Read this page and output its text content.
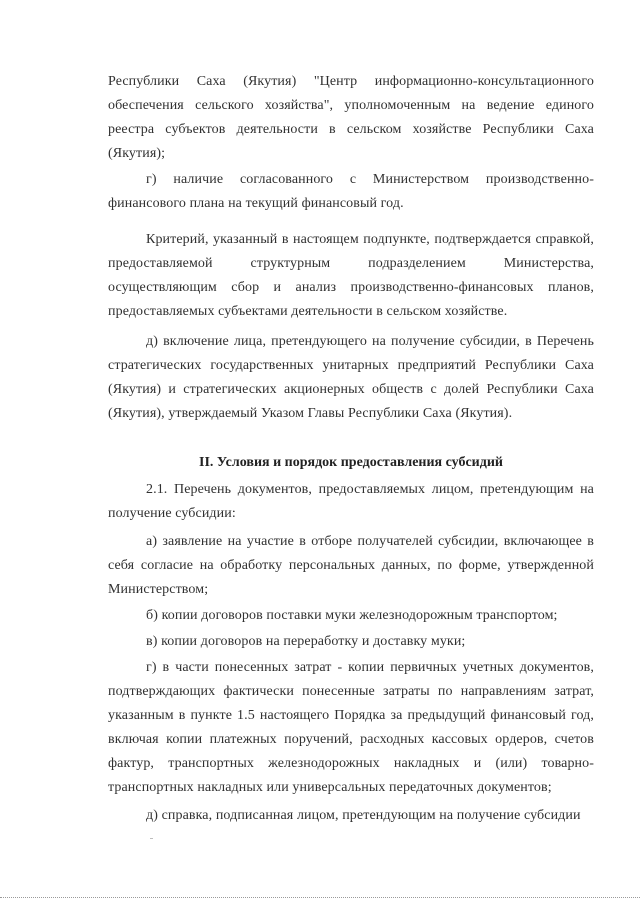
Республики Саха (Якутия) "Центр информационно-консультационного обеспечения сельского хозяйства", уполномоченным на ведение единого реестра субъектов деятельности в сельском хозяйстве Республики Саха (Якутия);

г) наличие согласованного с Министерством производственно-финансового плана на текущий финансовый год.

Критерий, указанный в настоящем подпункте, подтверждается справкой, предоставляемой структурным подразделением Министерства, осуществляющим сбор и анализ производственно-финансовых планов, предоставляемых субъектами деятельности в сельском хозяйстве.

д) включение лица, претендующего на получение субсидии, в Перечень стратегических государственных унитарных предприятий Республики Саха (Якутия) и стратегических акционерных обществ с долей Республики Саха (Якутия), утверждаемый Указом Главы Республики Саха (Якутия).

II. Условия и порядок предоставления субсидий

2.1. Перечень документов, предоставляемых лицом, претендующим на получение субсидии:

а) заявление на участие в отборе получателей субсидии, включающее в себя согласие на обработку персональных данных, по форме, утвержденной Министерством;

б) копии договоров поставки муки железнодорожным транспортом;

в) копии договоров на переработку и доставку муки;

г) в части понесенных затрат - копии первичных учетных документов, подтверждающих фактически понесенные затраты по направлениям затрат, указанным в пункте 1.5 настоящего Порядка за предыдущий финансовый год, включая копии платежных поручений, расходных кассовых ордеров, счетов фактур, транспортных железнодорожных накладных и (или) товарно-транспортных накладных или универсальных передаточных документов;

д) справка, подписанная лицом, претендующим на получение субсидии
